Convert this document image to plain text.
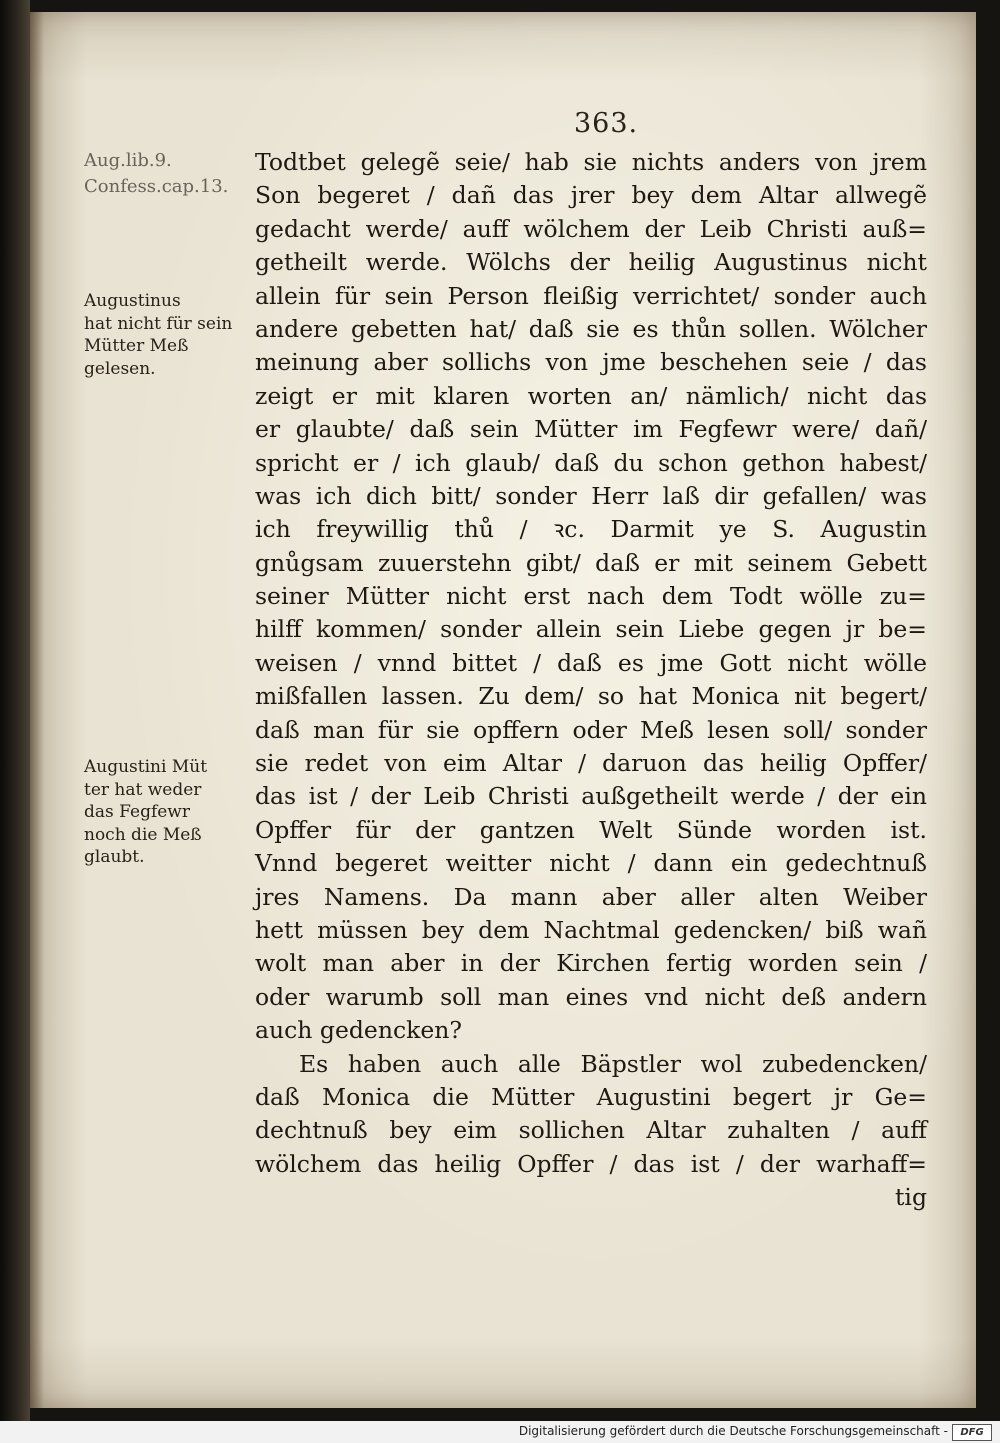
363.
Aug.lib.9.
Confess.cap.13.
Augustinus
hat nicht für sein
Mütter Meß
gelesen.
Augustini Müt
ter hat weder
das Fegfewr
noch die Meß
glaubt.
Todtbet gelegẽ seie/ hab sie nichts anders von jrem
Son begeret / dañ das jrer bey dem Altar allwegẽ
gedacht werde/ auff wölchem der Leib Christi auß=
getheilt werde. Wölchs der heilig Augustinus nicht
allein für sein Person fleißig verrichtet/ sonder auch
andere gebetten hat/ daß sie es thůn sollen. Wölcher
meinung aber sollichs von jme beschehen seie / das
zeigt er mit klaren worten an/ nämlich/ nicht das
er glaubte/ daß sein Mütter im Fegfewr were/ dañ/
spricht er / ich glaub/ daß du schon gethon habest/
was ich dich bitt/ sonder Herr laß dir gefallen/ was
ich freywillig thů / ꝛc. Darmit ye S. Augustin
gnůgsam zuuerstehn gibt/ daß er mit seinem Gebett
seiner Mütter nicht erst nach dem Todt wölle zu=
hilff kommen/ sonder allein sein Liebe gegen jr be=
weisen / vnnd bittet / daß es jme Gott nicht wölle
mißfallen lassen. Zu dem/ so hat Monica nit begert/
daß man für sie opffern oder Meß lesen soll/ sonder
sie redet von eim Altar / daruon das heilig Opffer/
das ist / der Leib Christi außgetheilt werde / der ein
Opffer für der gantzen Welt Sünde worden ist.
Vnnd begeret weitter nicht / dann ein gedechtnuß
jres Namens. Da mann aber aller alten Weiber
hett müssen bey dem Nachtmal gedencken/ biß wañ
wolt man aber in der Kirchen fertig worden sein /
oder warumb soll man eines vnd nicht deß andern
auch gedencken?
Es haben auch alle Bäpstler wol zubedencken/
daß Monica die Mütter Augustini begert jr Ge=
dechtnuß bey eim sollichen Altar zuhalten / auff
wölchem das heilig Opffer / das ist / der warhaff=
tig
Digitalisierung gefördert durch die Deutsche Forschungsgemeinschaft -	DFG
